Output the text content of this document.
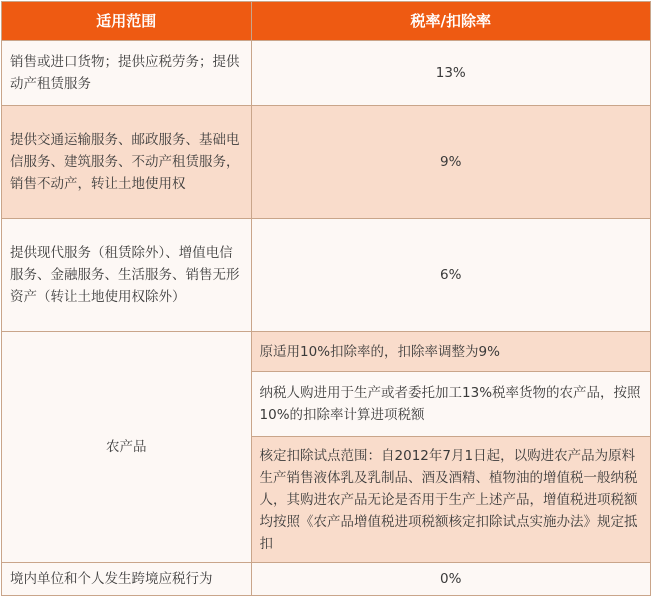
适用范围	税率/扣除率
销售或进口货物；提供应税劳务；提供动产租赁服务	13%
提供交通运输服务、邮政服务、基础电信服务、建筑服务、不动产租赁服务，销售不动产，转让土地使用权	9%
提供现代服务（租赁除外）、增值电信服务、金融服务、生活服务、销售无形资产（转让土地使用权除外）	6%
农产品	原适用10%扣除率的，扣除率调整为9%
	纳税人购进用于生产或者委托加工13%税率货物的农产品，按照10%的扣除率计算进项税额
	核定扣除试点范围：自2012年7月1日起，以购进农产品为原料生产销售液体乳及乳制品、酒及酒精、植物油的增值税一般纳税人，其购进农产品无论是否用于生产上述产品，增值税进项税额均按照《农产品增值税进项税额核定扣除试点实施办法》规定抵扣
境内单位和个人发生跨境应税行为	0%
